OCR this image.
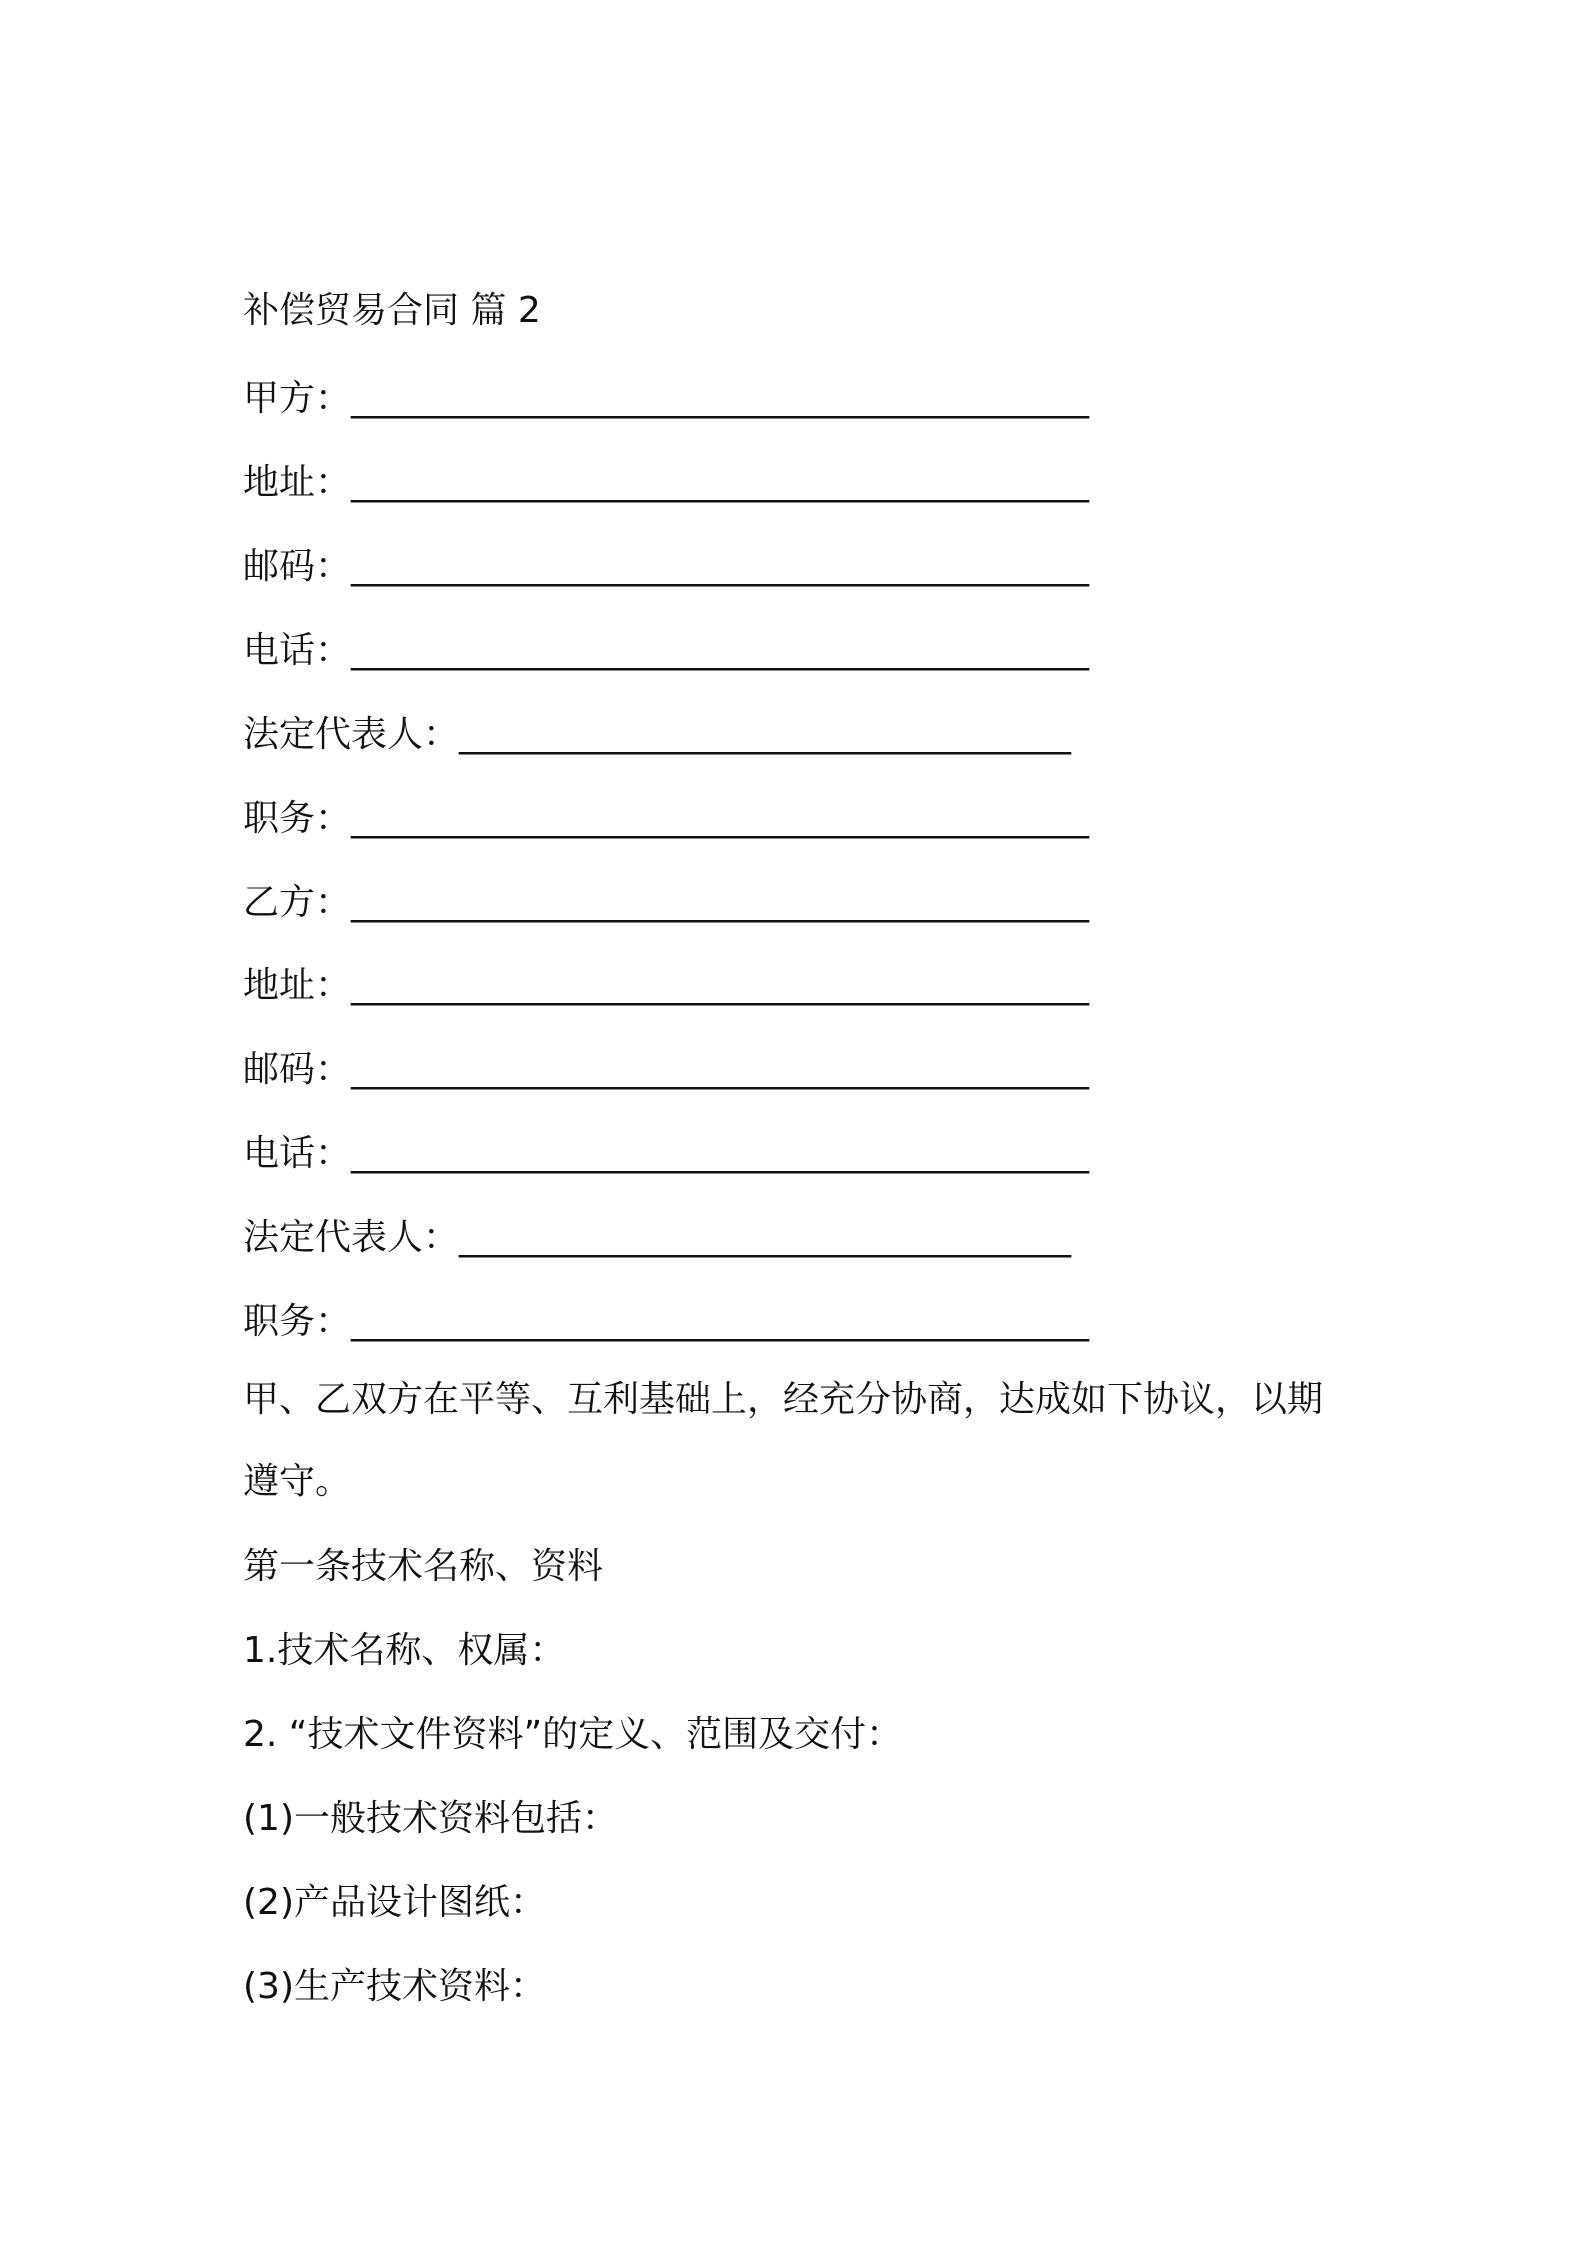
补偿贸易合同 篇 2
甲方：_________________________________________
地址：_________________________________________
邮码：_________________________________________
电话：_________________________________________
法定代表人：__________________________________
职务：_________________________________________
乙方：_________________________________________
地址：_________________________________________
邮码：_________________________________________
电话：_________________________________________
法定代表人：__________________________________
职务：_________________________________________
甲、乙双方在平等、互利基础上，经充分协商，达成如下协议，以期
遵守。
第一条技术名称、资料
1.技术名称、权属：
2. “技术文件资料”的定义、范围及交付：
(1)一般技术资料包括：
(2)产品设计图纸：
(3)生产技术资料：
